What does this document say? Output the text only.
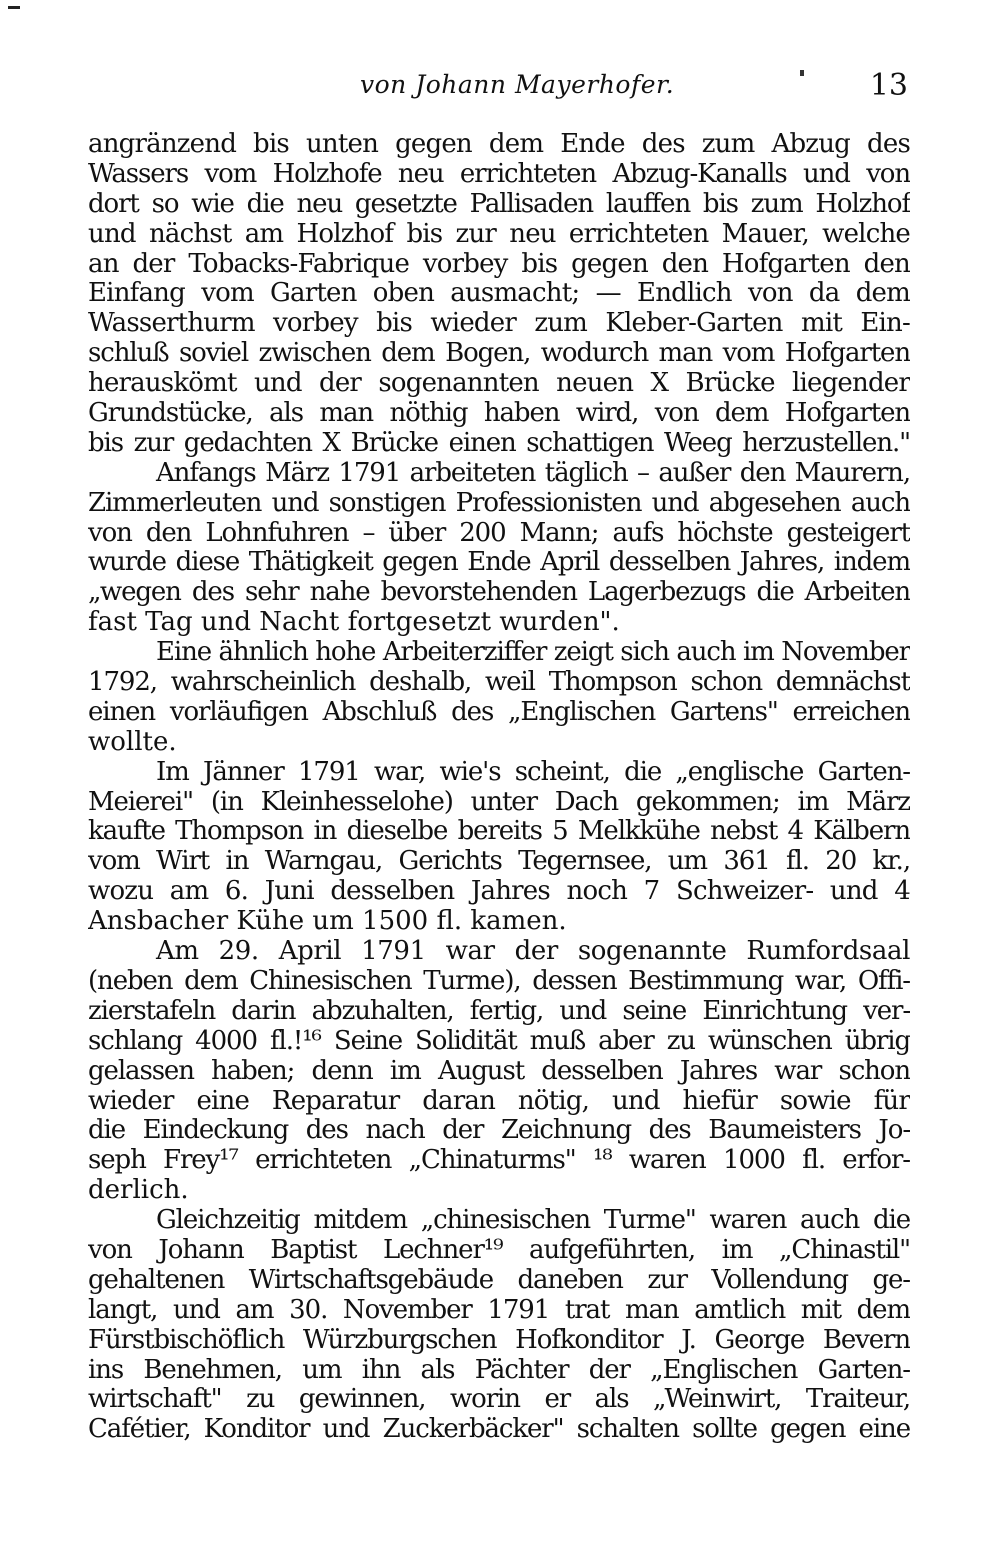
von Johann Mayerhofer.	13
angränzend bis unten gegen dem Ende des zum Abzug des
Wassers vom Holzhofe neu errichteten Abzug-Kanalls und von
dort so wie die neu gesetzte Pallisaden lauffen bis zum Holzhof
und nächst am Holzhof bis zur neu errichteten Mauer, welche
an der Tobacks-Fabrique vorbey bis gegen den Hofgarten den
Einfang vom Garten oben ausmacht; — Endlich von da dem
Wasserthurm vorbey bis wieder zum Kleber-Garten mit Ein-
schluß soviel zwischen dem Bogen, wodurch man vom Hofgarten
herauskömt und der sogenannten neuen X Brücke liegender
Grundstücke, als man nöthig haben wird, von dem Hofgarten
bis zur gedachten X Brücke einen schattigen Weeg herzustellen."
Anfangs März 1791 arbeiteten täglich – außer den Maurern,
Zimmerleuten und sonstigen Professionisten und abgesehen auch
von den Lohnfuhren – über 200 Mann; aufs höchste gesteigert
wurde diese Thätigkeit gegen Ende April desselben Jahres, indem
„wegen des sehr nahe bevorstehenden Lagerbezugs die Arbeiten
fast Tag und Nacht fortgesetzt wurden".
Eine ähnlich hohe Arbeiterziffer zeigt sich auch im November
1792, wahrscheinlich deshalb, weil Thompson schon demnächst
einen vorläufigen Abschluß des „Englischen Gartens" erreichen
wollte.
Im Jänner 1791 war, wie's scheint, die „englische Garten-
Meierei" (in Kleinhesselohe) unter Dach gekommen; im März
kaufte Thompson in dieselbe bereits 5 Melkkühe nebst 4 Kälbern
vom Wirt in Warngau, Gerichts Tegernsee, um 361 fl. 20 kr.,
wozu am 6. Juni desselben Jahres noch 7 Schweizer- und 4
Ansbacher Kühe um 1500 fl. kamen.
Am 29. April 1791 war der sogenannte Rumfordsaal
(neben dem Chinesischen Turme), dessen Bestimmung war, Offi-
zierstafeln darin abzuhalten, fertig, und seine Einrichtung ver-
schlang 4000 fl.!¹⁶ Seine Solidität muß aber zu wünschen übrig
gelassen haben; denn im August desselben Jahres war schon
wieder eine Reparatur daran nötig, und hiefür sowie für
die Eindeckung des nach der Zeichnung des Baumeisters Jo-
seph Frey¹⁷ errichteten „Chinaturms" ¹⁸ waren 1000 fl. erfor-
derlich.
Gleichzeitig mitdem „chinesischen Turme" waren auch die
von Johann Baptist Lechner¹⁹ aufgeführten, im „Chinastil"
gehaltenen Wirtschaftsgebäude daneben zur Vollendung ge-
langt, und am 30. November 1791 trat man amtlich mit dem
Fürstbischöflich Würzburgschen Hofkonditor J. George Bevern
ins Benehmen, um ihn als Pächter der „Englischen Garten-
wirtschaft" zu gewinnen, worin er als „Weinwirt, Traiteur,
Cafétier, Konditor und Zuckerbäcker" schalten sollte gegen eine
